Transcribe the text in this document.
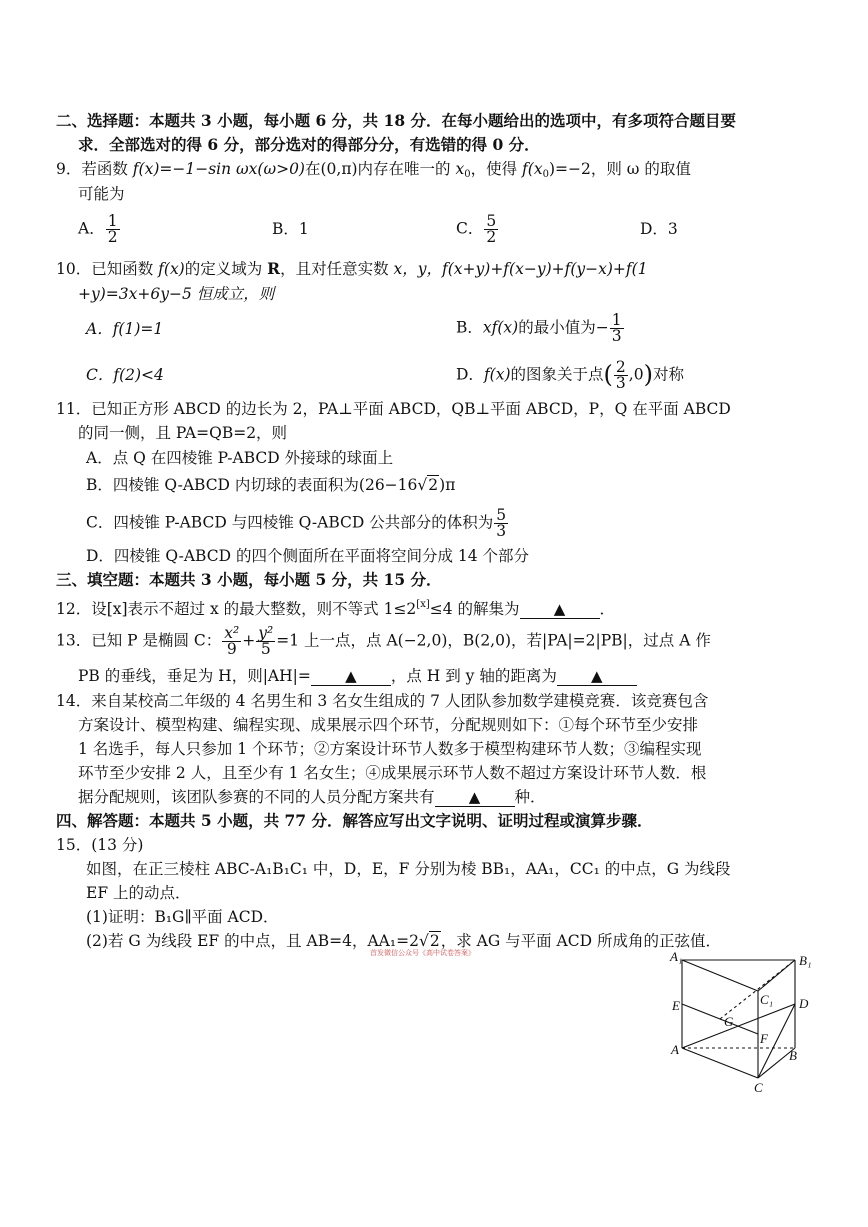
二、选择题：本题共 3 小题，每小题 6 分，共 18 分．在每小题给出的选项中，有多项符合题目要
求．全部选对的得 6 分，部分选对的得部分分，有选错的得 0 分．
9．若函数 f(x)=−1−sin ωx(ω>0)在(0,π)内存在唯一的 $x_0$，使得 $f(x_0)=-2$，则 ω 的取值
可能为
A． $\frac{1}{2}$	B．1	C． $\frac{5}{2}$	D．3
10．已知函数 f(x)的定义域为 R，且对任意实数 x，y，f(x+y)+f(x−y)+f(y−x)+f(1
+y)=3x+6y−5 恒成立，则
A．f(1)=1	B．xf(x)的最小值为− $\frac{1}{3}$
C．f(2)<4	D．f(x)的图象关于点( $\frac{2}{3} ,0$)对称
11．已知正方形 ABCD 的边长为 2，PA⊥平面 ABCD，QB⊥平面 ABCD，P，Q 在平面 ABCD
的同一侧，且 PA=QB=2，则
A．点 Q 在四棱锥 P-ABCD 外接球的球面上
B．四棱锥 Q-ABCD 内切球的表面积为(26−16√2)π
C．四棱锥 P-ABCD 与四棱锥 Q-ABCD 公共部分的体积为 $\frac{5}{3}$
D．四棱锥 Q-ABCD 的四个侧面所在平面将空间分成 14 个部分
三、填空题：本题共 3 小题，每小题 5 分，共 15 分．
12．设[x]表示不超过 x 的最大整数，则不等式 1≤2[x]≤4 的解集为 ▲ ．
13．已知 P 是椭圆 C： $\frac{\text{x²}}{9} + \frac{\text{y²}}{5} =1$ 上一点，点 A(−2,0)，B(2,0)，若|PA|=2|PB|，过点 A 作
PB 的垂线，垂足为 H，则|AH|= ▲ ，点 H 到 y 轴的距离为 ▲
14．来自某校高二年级的 4 名男生和 3 名女生组成的 7 人团队参加数学建模竞赛．该竞赛包含
方案设计、模型构建、编程实现、成果展示四个环节，分配规则如下：①每个环节至少安排
1 名选手，每人只参加 1 个环节；②方案设计环节人数多于模型构建环节人数；③编程实现
环节至少安排 2 人，且至少有 1 名女生；④成果展示环节人数不超过方案设计环节人数．根
据分配规则，该团队参赛的不同的人员分配方案共有 ▲ 种．
四、解答题：本题共 5 小题，共 77 分．解答应写出文字说明、证明过程或演算步骤．
15．(13 分)
如图，在正三棱柱 ABC-A₁B₁C₁ 中，D，E，F 分别为棱 BB₁，AA₁，CC₁ 的中点，G 为线段
EF 上的动点．
(1)证明：B₁G∥平面 ACD．
(2)若 G 为线段 EF 的中点，且 AB=4，AA₁=2√2，求 AG 与平面 ACD 所成角的正弦值．
首发微信公众号《高中试卷答案》	A₁	B₁
C₁ D
E
G
F
A	B
C
